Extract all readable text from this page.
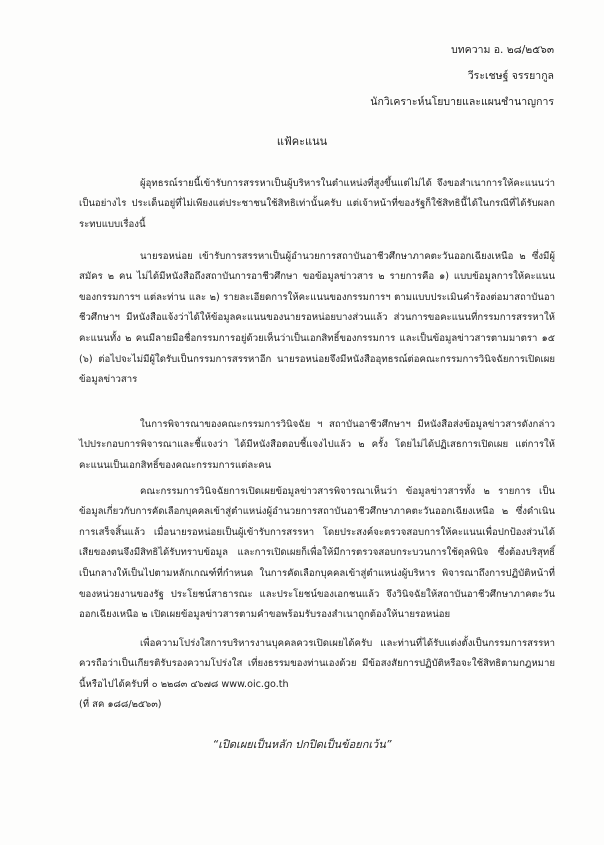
บทความ อ. ๒๘/๒๕๖๓
วีระเชษฐ์ จรรยากูล
นักวิเคราะห์นโยบายและแผนชำนาญการ
แฟ้คะแนน

ผู้อุทธรณ์รายนี้เข้ารับการสรรหาเป็นผู้บริหารในตำแหน่งที่สูงขึ้นแต่ไม่ได้ จึงขอสำเนาการให้คะแนนว่าเป็นอย่างไร ประเด็นอยู่ที่ไม่เพียงแต่ประชาชนใช้สิทธิเท่านั้นครับ แต่เจ้าหน้าที่ของรัฐก็ใช้สิทธินี้ได้ในกรณีที่ได้รับผลกระทบแบบเรื่องนี้

นายรอหน่อย เข้ารับการสรรหาเป็นผู้อำนวยการสถาบันอาชีวศึกษาภาคตะวันออกเฉียงเหนือ ๒ ซึ่งมีผู้สมัคร ๒ คน ไม่ได้มีหนังสือถึงสถาบันการอาชีวศึกษา ขอข้อมูลข่าวสาร ๒ รายการคือ ๑) แบบข้อมูลการให้คะแนนของกรรมการฯ แต่ละท่าน และ ๒) รายละเอียดการให้คะแนนของกรรมการฯ ตามแบบประเมินคำร้องต่อมาสถาบันอาชีวศึกษาฯ มีหนังสือแจ้งว่าได้ให้ข้อมูลคะแนนของนายรอหน่อยบางส่วนแล้ว ส่วนการขอคะแนนที่กรรมการสรรหาให้คะแนนทั้ง ๒ คนมีลายมือชื่อกรรมการอยู่ด้วยเห็นว่าเป็นเอกสิทธิ์ของกรรมการ และเป็นข้อมูลข่าวสารตามมาตรา ๑๕ (๖) ต่อไปจะไม่มีผู้ใดรับเป็นกรรมการสรรหาอีก นายรอหน่อยจึงมีหนังสืออุทธรณ์ต่อคณะกรรมการวินิจฉัยการเปิดเผยข้อมูลข่าวสาร

ในการพิจารณาของคณะกรรมการวินิจฉัย ฯ สถาบันอาชีวศึกษาฯ มีหนังสือส่งข้อมูลข่าวสารดังกล่าวไปประกอบการพิจารณาและชี้แจงว่า ได้มีหนังสือตอบชี้แจงไปแล้ว ๒ ครั้ง โดยไม่ได้ปฏิเสธการเปิดเผย แต่การให้คะแนนเป็นเอกสิทธิ์ของคณะกรรมการแต่ละคน

คณะกรรมการวินิจฉัยการเปิดเผยข้อมูลข่าวสารพิจารณาเห็นว่า ข้อมูลข่าวสารทั้ง ๒ รายการ เป็นข้อมูลเกี่ยวกับการคัดเลือกบุคคลเข้าสู่ตำแหน่งผู้อำนวยการสถาบันอาชีวศึกษาภาคตะวันออกเฉียงเหนือ ๒ ซึ่งดำเนินการเสร็จสิ้นแล้ว เมื่อนายรอหน่อยเป็นผู้เข้ารับการสรรหา โดยประสงค์จะตรวจสอบการให้คะแนนเพื่อปกป้องส่วนได้เสียของตนจึงมีสิทธิได้รับทราบข้อมูล และการเปิดเผยก็เพื่อให้มีการตรวจสอบกระบวนการใช้ดุลพินิจ ซึ่งต้องบริสุทธิ์เป็นกลางให้เป็นไปตามหลักเกณฑ์ที่กำหนด ในการคัดเลือกบุคคลเข้าสู่ตำแหน่งผู้บริหาร พิจารณาถึงการปฏิบัติหน้าที่ของหน่วยงานของรัฐ ประโยชน์สาธารณะ และประโยชน์ของเอกชนแล้ว จึงวินิจฉัยให้สถาบันอาชีวศึกษาภาคตะวันออกเฉียงเหนือ ๒ เปิดเผยข้อมูลข่าวสารตามคำขอพร้อมรับรองสำเนาถูกต้องให้นายรอหน่อย

เพื่อความโปร่งใสการบริหารงานบุคคลควรเปิดเผยได้ครับ และท่านที่ได้รับแต่งตั้งเป็นกรรมการสรรหาควรถือว่าเป็นเกียรติรับรองความโปร่งใส เที่ยงธรรมของท่านเองด้วย มีข้อสงสัยการปฏิบัติหรือจะใช้สิทธิตามกฎหมายนี้หรือไปได้ครับที่ ๐ ๒๒๘๓ ๔๖๗๘ www.oic.go.th

(ที่ สค ๑๘๘/๒๕๖๓)
“เปิดเผยเป็นหลัก ปกปิดเป็นข้อยกเว้น”
